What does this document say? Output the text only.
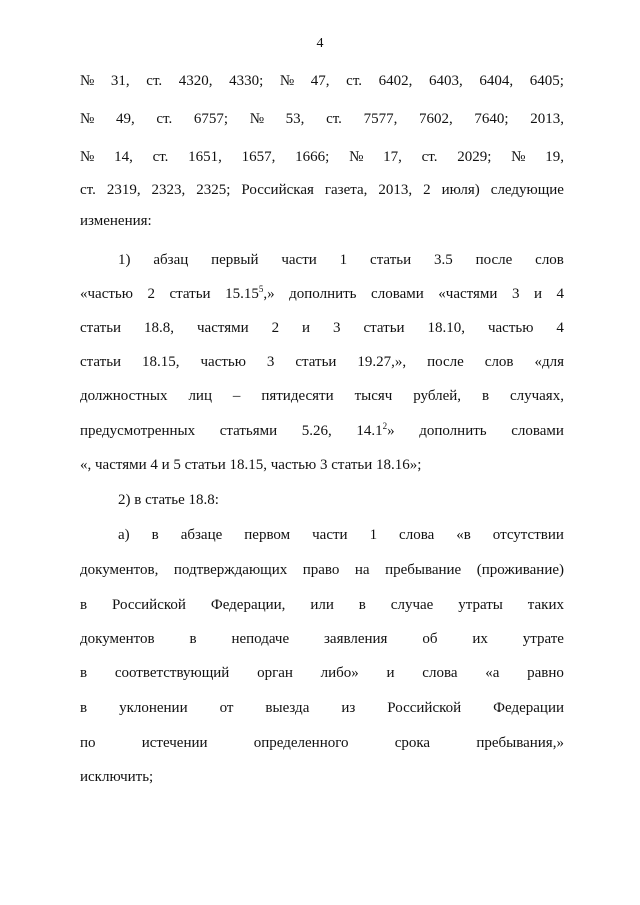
4
№ 31, ст. 4320, 4330; № 47, ст. 6402, 6403, 6404, 6405;
№ 49, ст. 6757; № 53, ст. 7577, 7602, 7640; 2013,
№ 14, ст. 1651, 1657, 1666; № 17, ст. 2029; № 19,
ст. 2319, 2323, 2325; Российская газета, 2013, 2 июля) следующие
изменения:
1) абзац первый части 1 статьи 3.5 после слов
«частью 2 статьи 15.15$^5$,» дополнить словами «частями 3 и 4
статьи 18.8, частями 2 и 3 статьи 18.10, частью 4
статьи 18.15, частью 3 статьи 19.27,», после слов «для
должностных лиц – пятидесяти тысяч рублей, в случаях,
предусмотренных статьями 5.26, 14.1$^2$» дополнить словами
«, частями 4 и 5 статьи 18.15, частью 3 статьи 18.16»;
2) в статье 18.8:
а) в абзаце первом части 1 слова «в отсутствии
документов, подтверждающих право на пребывание (проживание)
в Российской Федерации, или в случае утраты таких
документов в неподаче заявления об их утрате
в соответствующий орган либо» и слова «а равно
в уклонении от выезда из Российской Федерации
по	истечении	определенного	срока	пребывания,»
исключить;
